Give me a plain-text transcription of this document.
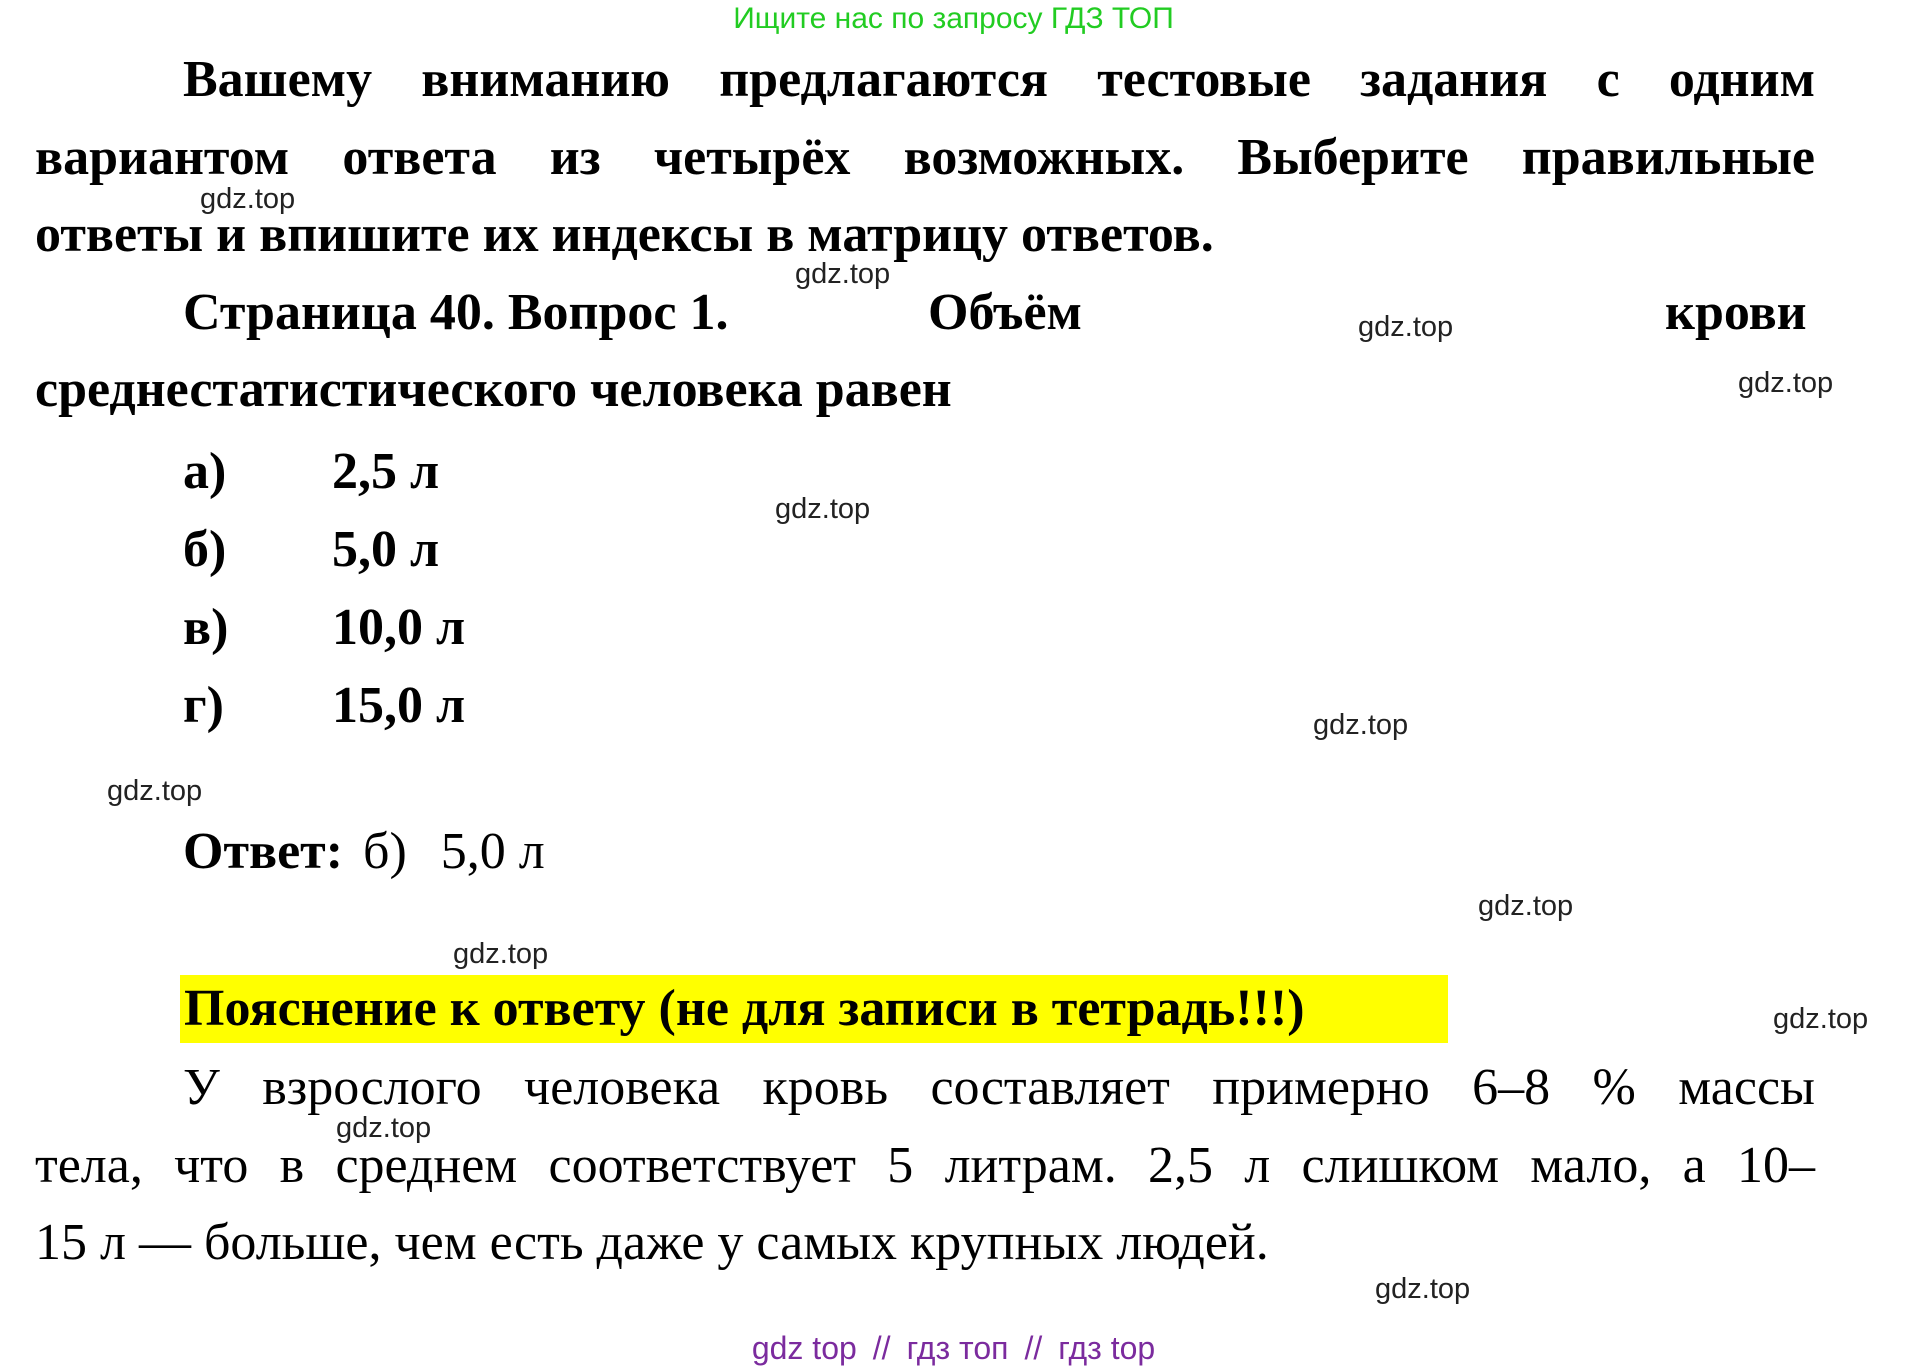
Ищите нас по запросу ГДЗ ТОП
Вашему вниманию предлагаются тестовые задания с одним
вариантом ответа из четырёх возможных. Выберите правильные
ответы и впишите их индексы в матрицу ответов.
Страница 40. Вопрос 1.	Объём	крови
среднестатистического человека равен
а) 2,5 л
б) 5,0 л
в) 10,0 л
г) 15,0 л
Ответ: б) 5,0 л
Пояснение к ответу (не для записи в тетрадь!!!)
У взрослого человека кровь составляет примерно 6–8 % массы
тела, что в среднем соответствует 5 литрам. 2,5 л слишком мало, а 10–
15 л — больше, чем есть даже у самых крупных людей.
gdz.top
gdz.top
gdz.top
gdz.top
gdz.top
gdz.top
gdz.top
gdz.top
gdz.top
gdz.top
gdz.top
gdz.top
gdz top // гдз топ // гдз top
